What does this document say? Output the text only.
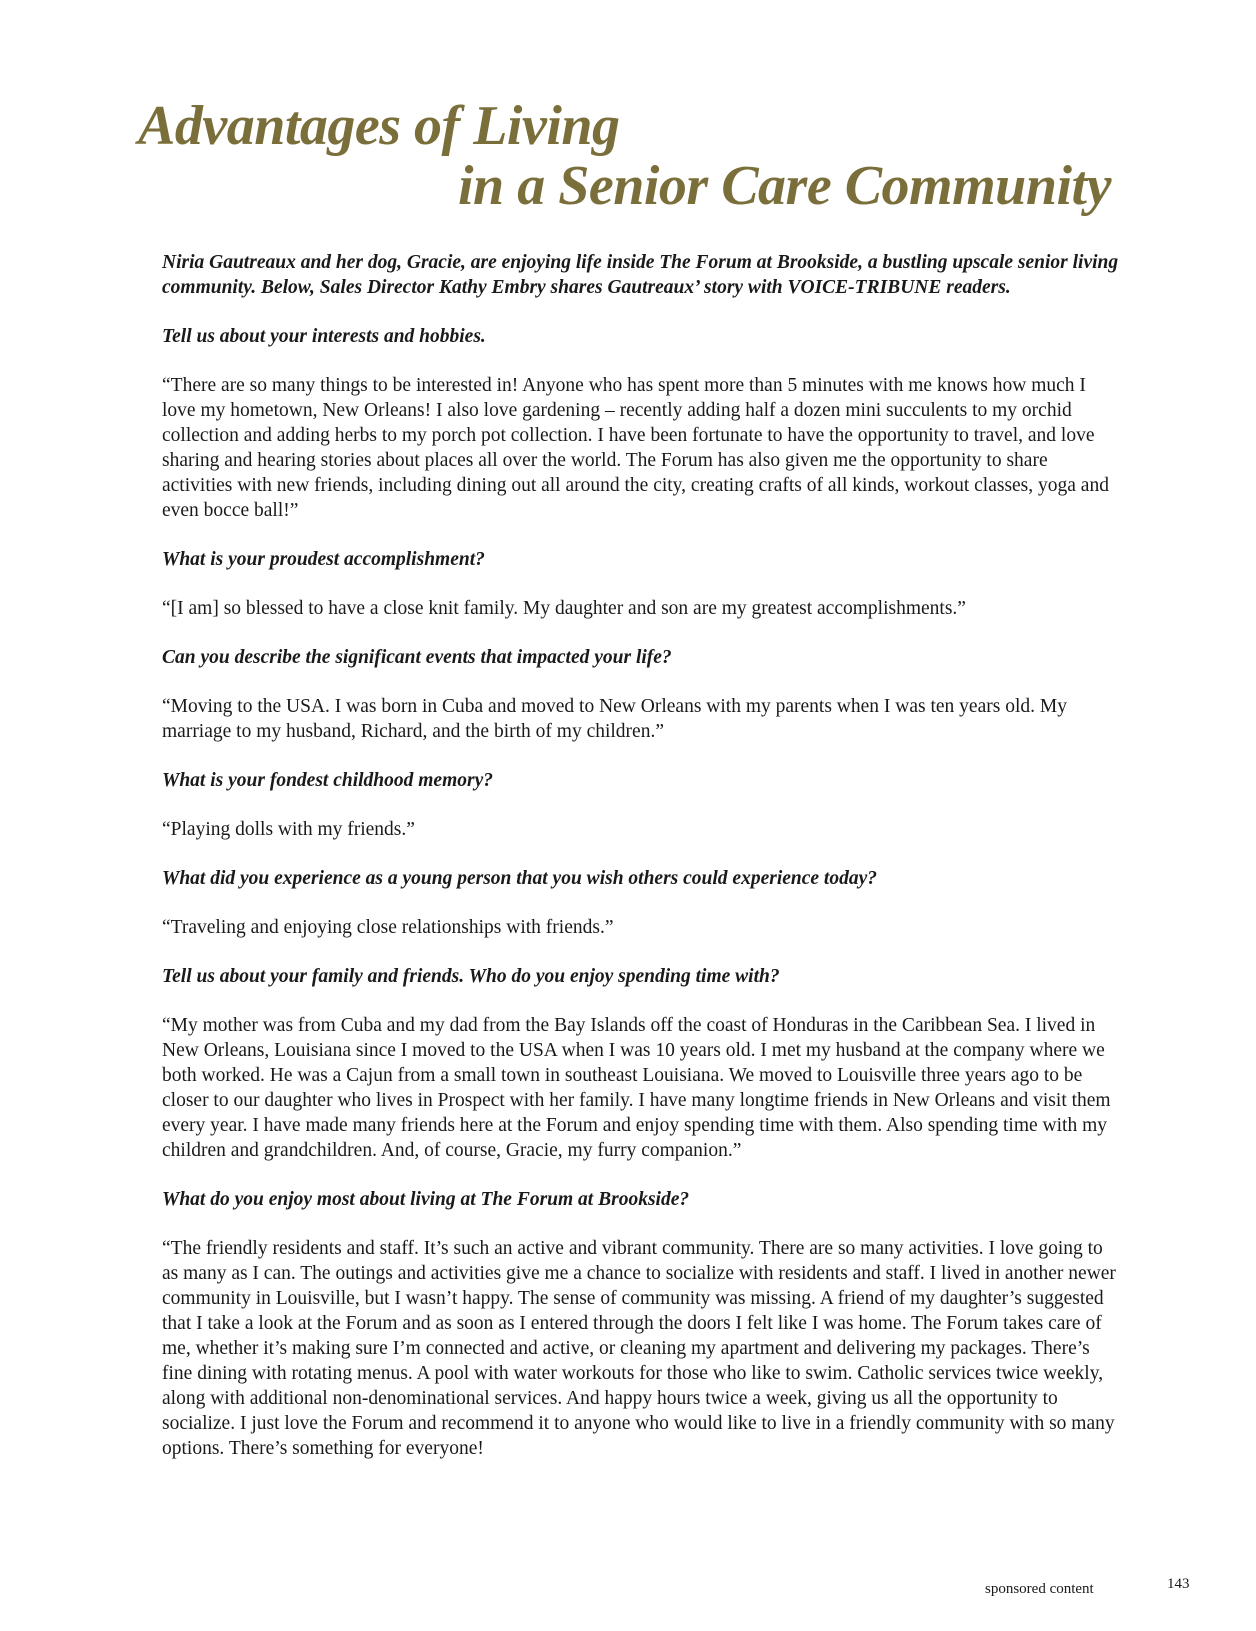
Advantages of Living
in a Senior Care Community

Niria Gautreaux and her dog, Gracie, are enjoying life inside The Forum at Brookside, a bustling upscale senior living community. Below, Sales Director Kathy Embry shares Gautreaux’ story with VOICE-TRIBUNE readers.

Tell us about your interests and hobbies.

“There are so many things to be interested in! Anyone who has spent more than 5 minutes with me knows how much I love my hometown, New Orleans! I also love gardening – recently adding half a dozen mini succulents to my orchid collection and adding herbs to my porch pot collection. I have been fortunate to have the opportunity to travel, and love sharing and hearing stories about places all over the world. The Forum has also given me the opportunity to share activities with new friends, including dining out all around the city, creating crafts of all kinds, workout classes, yoga and even bocce ball!”

What is your proudest accomplishment?

“[I am] so blessed to have a close knit family. My daughter and son are my greatest accomplishments.”

Can you describe the significant events that impacted your life?

“Moving to the USA. I was born in Cuba and moved to New Orleans with my parents when I was ten years old. My marriage to my husband, Richard, and the birth of my children.”

What is your fondest childhood memory?

“Playing dolls with my friends.”

What did you experience as a young person that you wish others could experience today?

“Traveling and enjoying close relationships with friends.”

Tell us about your family and friends. Who do you enjoy spending time with?

“My mother was from Cuba and my dad from the Bay Islands off the coast of Honduras in the Caribbean Sea. I lived in New Orleans, Louisiana since I moved to the USA when I was 10 years old. I met my husband at the company where we both worked. He was a Cajun from a small town in southeast Louisiana. We moved to Louisville three years ago to be closer to our daughter who lives in Prospect with her family. I have many longtime friends in New Orleans and visit them every year. I have made many friends here at the Forum and enjoy spending time with them. Also spending time with my children and grandchildren. And, of course, Gracie, my furry companion.”

What do you enjoy most about living at The Forum at Brookside?

“The friendly residents and staff. It’s such an active and vibrant community. There are so many activities. I love going to as many as I can. The outings and activities give me a chance to socialize with residents and staff. I lived in another newer community in Louisville, but I wasn’t happy. The sense of community was missing. A friend of my daughter’s suggested that I take a look at the Forum and as soon as I entered through the doors I felt like I was home. The Forum takes care of me, whether it’s making sure I’m connected and active, or cleaning my apartment and delivering my packages. There’s fine dining with rotating menus. A pool with water workouts for those who like to swim. Catholic services twice weekly, along with additional non-denominational services. And happy hours twice a week, giving us all the opportunity to socialize. I just love the Forum and recommend it to anyone who would like to live in a friendly community with so many options. There’s something for everyone!

sponsored content	143
